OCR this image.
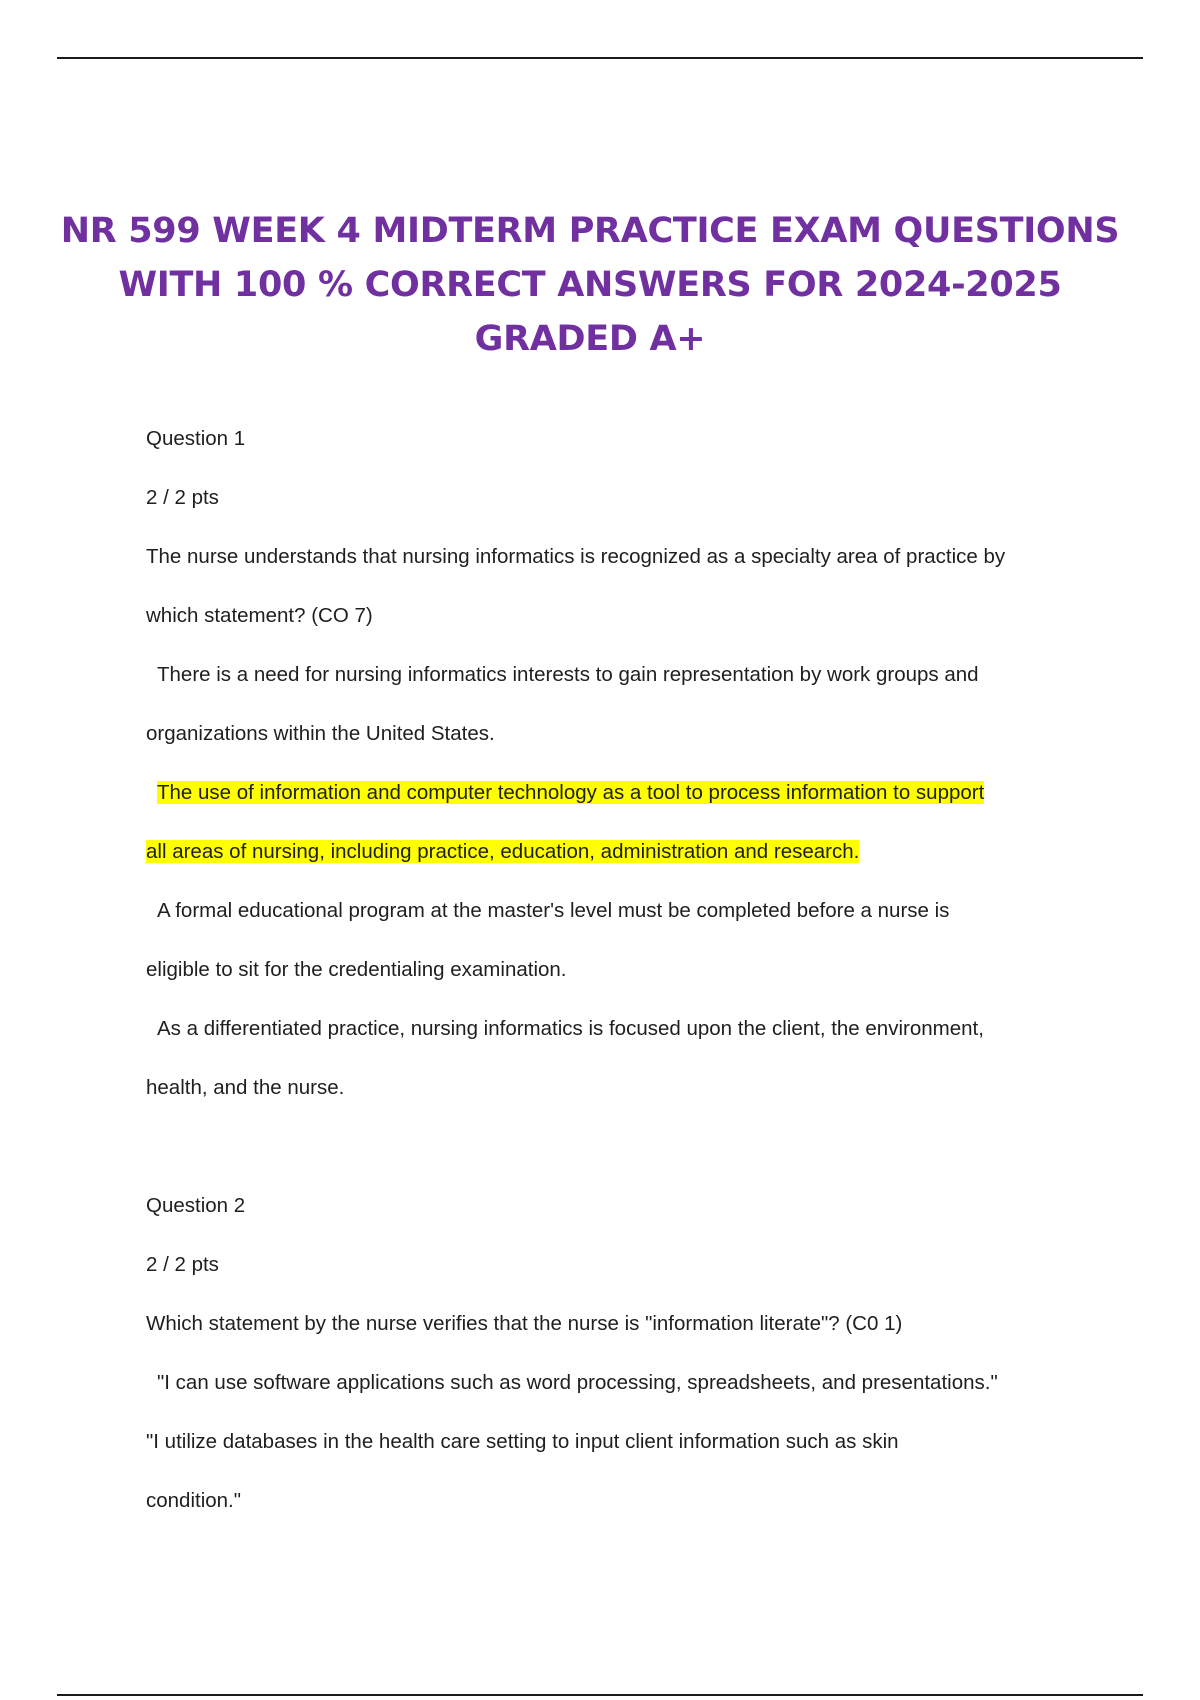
NR 599 WEEK 4 MIDTERM PRACTICE EXAM QUESTIONS
WITH 100 % CORRECT ANSWERS FOR 2024-2025
GRADED A+
Question 1
2 / 2 pts
The nurse understands that nursing informatics is recognized as a specialty area of practice by
which statement? (CO 7)
There is a need for nursing informatics interests to gain representation by work groups and
organizations within the United States.
The use of information and computer technology as a tool to process information to support
all areas of nursing, including practice, education, administration and research.
A formal educational program at the master's level must be completed before a nurse is
eligible to sit for the credentialing examination.
As a differentiated practice, nursing informatics is focused upon the client, the environment,
health, and the nurse.
Question 2
2 / 2 pts
Which statement by the nurse verifies that the nurse is "information literate"? (C0 1)
"I can use software applications such as word processing, spreadsheets, and presentations."
"I utilize databases in the health care setting to input client information such as skin
condition."
